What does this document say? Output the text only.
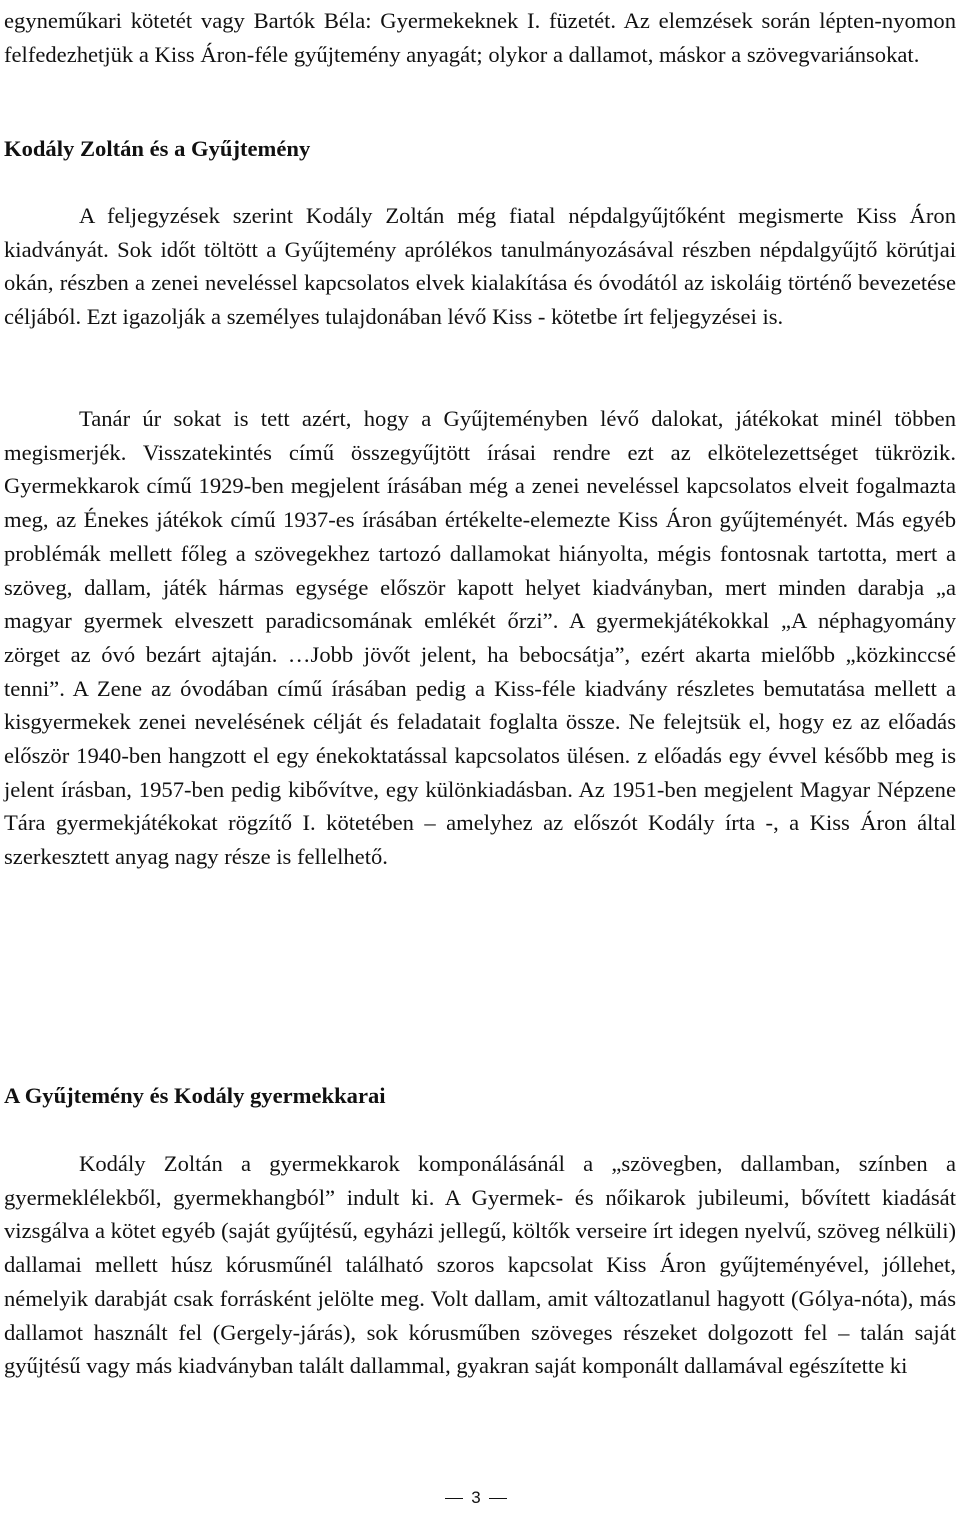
egyneműkari kötetét vagy Bartók Béla: Gyermekeknek I. füzetét. Az elemzések során lépten-nyomon felfedezhetjük a Kiss Áron-féle gyűjtemény anyagát; olykor a dallamot, máskor a szövegvariánsokat.

Kodály Zoltán és a Gyűjtemény

A feljegyzések szerint Kodály Zoltán még fiatal népdalgyűjtőként megismerte Kiss Áron kiadványát. Sok időt töltött a Gyűjtemény aprólékos tanulmányozásával részben népdalgyűjtő körútjai okán, részben a zenei neveléssel kapcsolatos elvek kialakítása és óvodától az iskoláig történő bevezetése céljából. Ezt igazolják a személyes tulajdonában lévő Kiss - kötetbe írt feljegyzései is.

Tanár úr sokat is tett azért, hogy a Gyűjteményben lévő dalokat, játékokat minél többen megismerjék. Visszatekintés című összegyűjtött írásai rendre ezt az elkötelezettséget tükrözik. Gyermekkarok című 1929-ben megjelent írásában még a zenei neveléssel kapcsolatos elveit fogalmazta meg, az Énekes játékok című 1937-es írásában értékelte-elemezte Kiss Áron gyűjteményét. Más egyéb problémák mellett főleg a szövegekhez tartozó dallamokat hiányolta, mégis fontosnak tartotta, mert a szöveg, dallam, játék hármas egysége először kapott helyet kiadványban, mert minden darabja „a magyar gyermek elveszett paradicsomának emlékét őrzi”. A gyermekjátékokkal „A néphagyomány zörget az óvó bezárt ajtaján. …Jobb jövőt jelent, ha bebocsátja”, ezért akarta mielőbb „közkinccsé tenni”. A Zene az óvodában című írásában pedig a Kiss-féle kiadvány részletes bemutatása mellett a kisgyermekek zenei nevelésének célját és feladatait foglalta össze. Ne felejtsük el, hogy ez az előadás először 1940-ben hangzott el egy énekoktatással kapcsolatos ülésen. z előadás egy évvel később meg is jelent írásban, 1957-ben pedig kibővítve, egy különkiadásban. Az 1951-ben megjelent Magyar Népzene Tára gyermekjátékokat rögzítő I. kötetében – amelyhez az előszót Kodály írta -, a Kiss Áron által szerkesztett anyag nagy része is fellelhető.

A Gyűjtemény és Kodály gyermekkarai

Kodály Zoltán a gyermekkarok komponálásánál a „szövegben, dallamban, színben a gyermeklélekből, gyermekhangból” indult ki. A Gyermek- és nőikarok jubileumi, bővített kiadását vizsgálva a kötet egyéb (saját gyűjtésű, egyházi jellegű, költők verseire írt idegen nyelvű, szöveg nélküli) dallamai mellett húsz kórusműnél található szoros kapcsolat Kiss Áron gyűjteményével, jóllehet, némelyik darabját csak forrásként jelölte meg. Volt dallam, amit változatlanul hagyott (Gólya-nóta), más dallamot használt fel (Gergely-járás), sok kórusműben szöveges részeket dolgozott fel – talán saját gyűjtésű vagy más kiadványban talált dallammal, gyakran saját komponált dallamával egészítette ki

3
